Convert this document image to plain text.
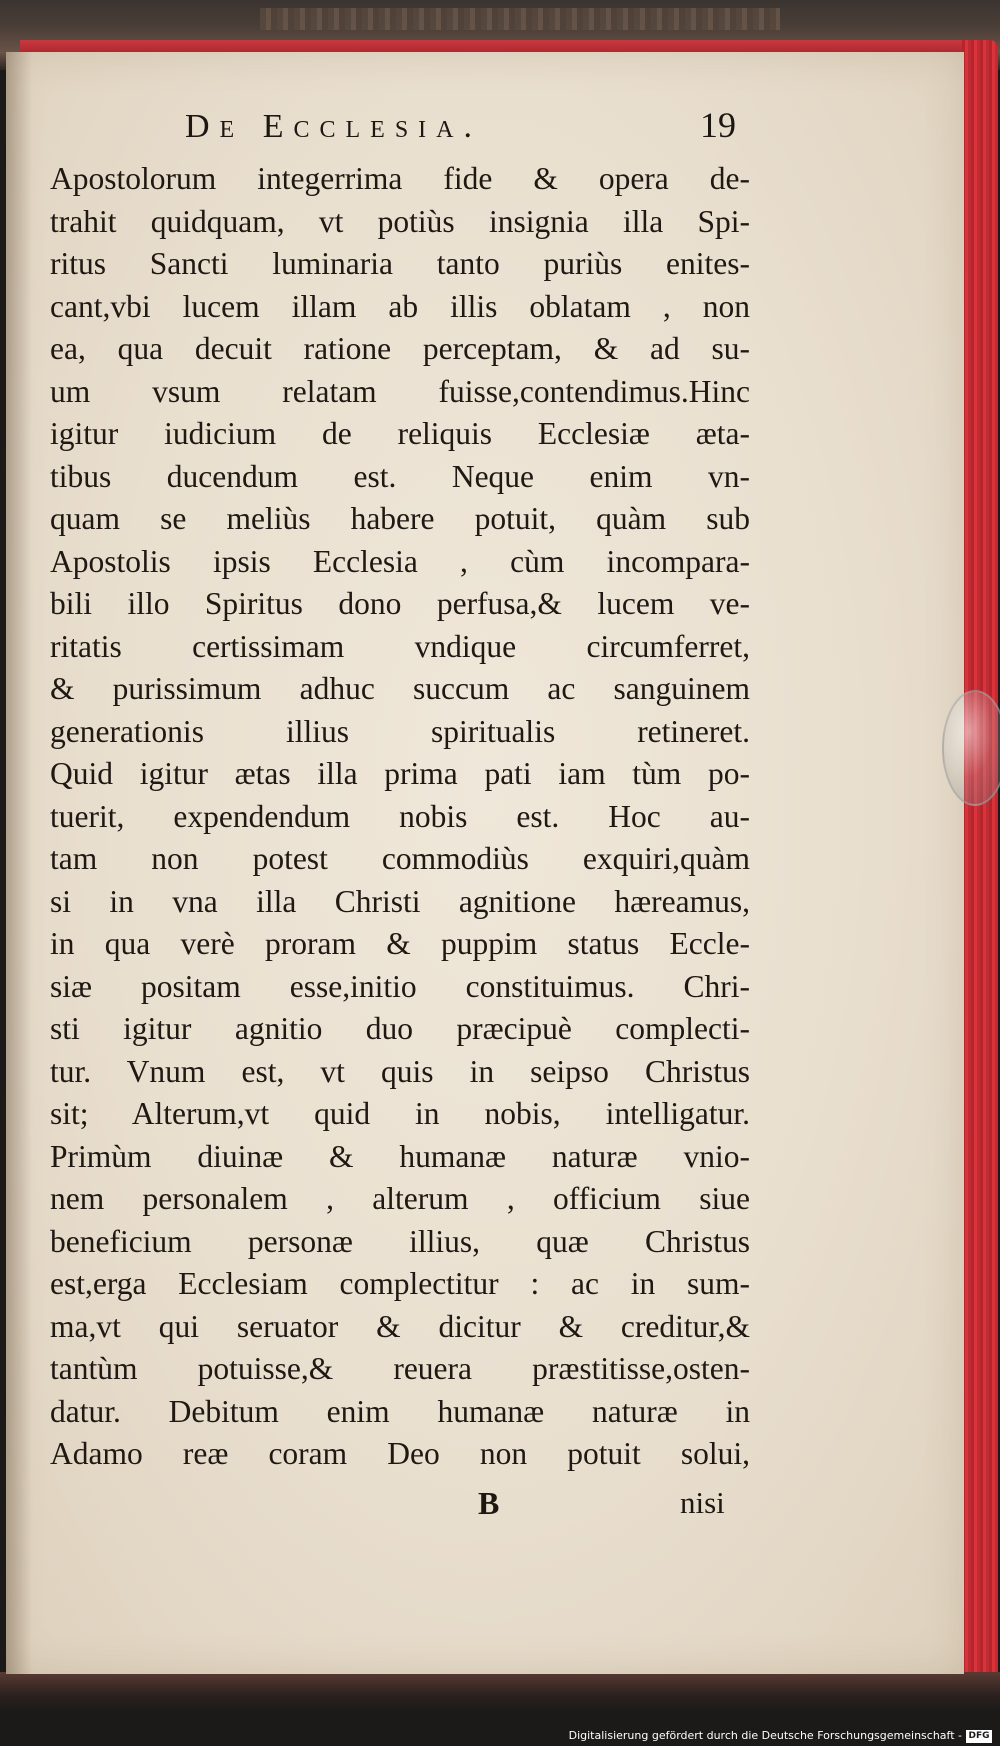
De Ecclesia.	19
Apostolorum integerrima fide & opera de-
trahit quidquam, vt potiùs insignia illa Spi-
ritus Sancti luminaria tanto puriùs enites-
cant,vbi lucem illam ab illis oblatam , non
ea, qua decuit ratione perceptam, & ad su-
um vsum relatam fuisse,contendimus.Hinc
igitur iudicium de reliquis Ecclesiæ æta-
tibus ducendum est. Neque enim vn-
quam se meliùs habere potuit, quàm sub
Apostolis ipsis Ecclesia , cùm incompara-
bili illo Spiritus dono perfusa,& lucem ve-
ritatis certissimam vndique circumferret,
& purissimum adhuc succum ac sanguinem
generationis illius spiritualis retineret.
Quid igitur ætas illa prima pati iam tùm po-
tuerit, expendendum nobis est. Hoc au-
tam non potest commodiùs exquiri,quàm
si in vna illa Christi agnitione hæreamus,
in qua verè proram & puppim status Eccle-
siæ positam esse,initio constituimus. Chri-
sti igitur agnitio duo præcipuè complecti-
tur. Vnum est, vt quis in seipso Christus
sit; Alterum,vt quid in nobis, intelligatur.
Primùm diuinæ & humanæ naturæ vnio-
nem personalem , alterum , officium siue
beneficium personæ illius, quæ Christus
est,erga Ecclesiam complectitur : ac in sum-
ma,vt qui seruator & dicitur & creditur,&
tantùm potuisse,& reuera præstitisse,osten-
datur. Debitum enim humanæ naturæ in
Adamo reæ coram Deo non potuit solui,
B	nisi
Digitalisierung gefördert durch die Deutsche Forschungsgemeinschaft - DFG
